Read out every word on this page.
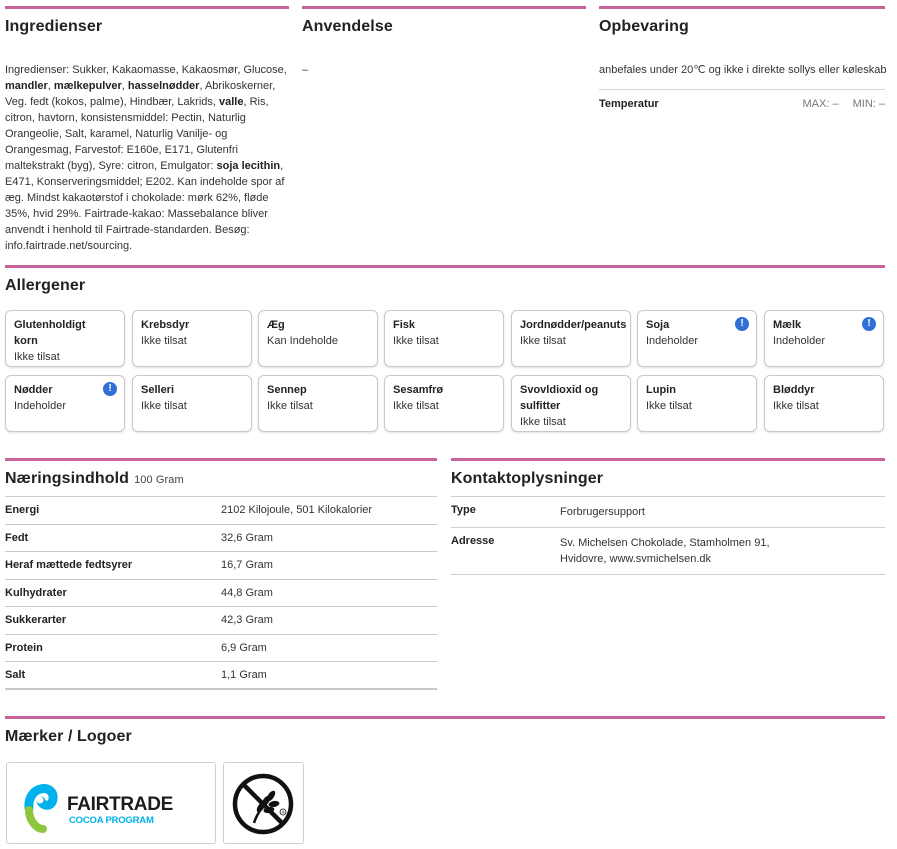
Ingredienser
Ingredienser: Sukker, Kakaomasse, Kakaosmør, Glucose, mandler, mælkepulver, hasselnødder, Abrikoskerner, Veg. fedt (kokos, palme), Hindbær, Lakrids, valle, Ris, citron, havtorn, konsistensmiddel: Pectin, Naturlig Orangeolie, Salt, karamel, Naturlig Vanilje- og Orangesmag, Farvestof: E160e, E171, Glutenfri maltekstrakt (byg), Syre: citron, Emulgator: soja lecithin, E471, Konserveringsmiddel; E202. Kan indeholde spor af æg. Mindst kakaotørstof i chokolade: mørk 62%, fløde 35%, hvid 29%. Fairtrade-kakao: Massebalance bliver anvendt i henhold til Fairtrade-standarden. Besøg: info.fairtrade.net/sourcing.
Anvendelse
–
Opbevaring
anbefales under 20℃ og ikke i direkte sollys eller køleskab
Temperatur	MAX: – MIN: –
Allergener
Glutenholdigt korn
Ikke tilsat
Krebsdyr
Ikke tilsat
Æg
Kan Indeholde
Fisk
Ikke tilsat
Jordnødder/peanuts
Ikke tilsat
Soja
Indeholder
!	Mælk
Indeholder
!
Nødder
Indeholder
!	Selleri
Ikke tilsat
Sennep
Ikke tilsat
Sesamfrø
Ikke tilsat
Svovldioxid og sulfitter
Ikke tilsat
Lupin
Ikke tilsat
Bløddyr
Ikke tilsat
Næringsindhold 100 Gram
Energi	2102 Kilojoule, 501 Kilokalorier
Fedt	32,6 Gram
Heraf mættede fedtsyrer	16,7 Gram
Kulhydrater	44,8 Gram
Sukkerarter	42,3 Gram
Protein	6,9 Gram
Salt	1,1 Gram
Kontaktoplysninger
Type	Forbrugersupport
Adresse	Sv. Michelsen Chokolade, Stamholmen 91, Hvidovre, www.svmichelsen.dk
Mærker / Logoer
FAIRTRADE
COCOA PROGRAM
®
